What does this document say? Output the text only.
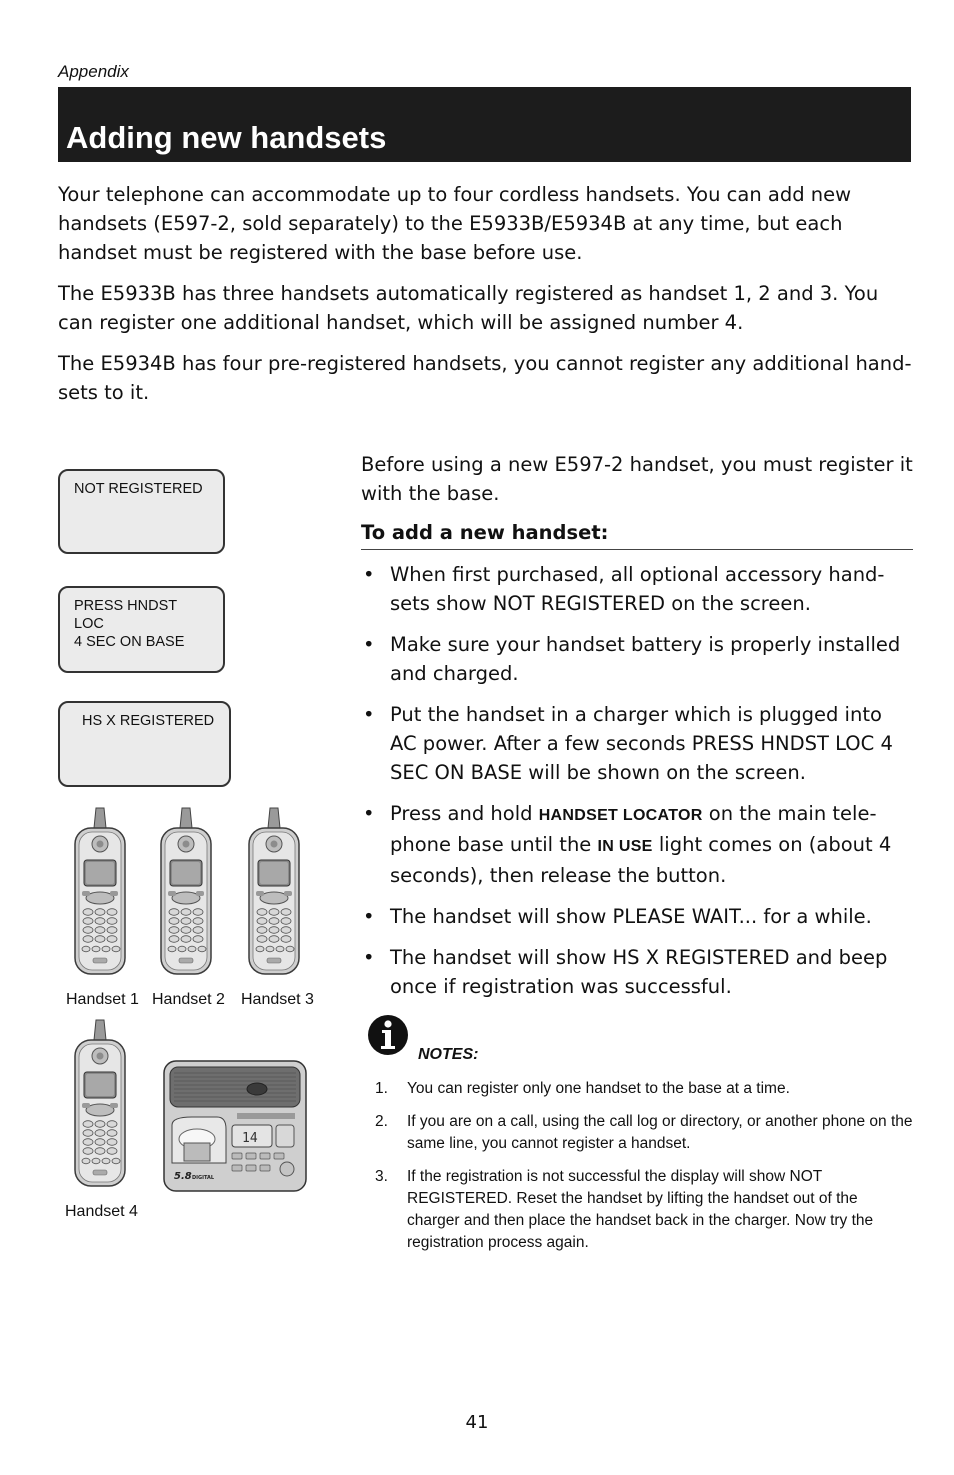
Appendix
Adding new handsets

Your telephone can accommodate up to four cordless handsets. You can add new handsets (E597-2, sold separately) to the E5933B/E5934B at any time, but each handset must be registered with the base before use.

The E5933B has three handsets automatically registered as handset 1, 2 and 3. You can register one additional handset, which will be assigned number 4.

The E5934B has four pre-registered handsets, you cannot register any additional hand-sets to it.

NOT REGISTERED
PRESS HNDST LOC
4 SEC ON BASE
HS X REGISTERED
Handset 1 Handset 2 Handset 3
14
5.8 DIGITAL
Handset 4

Before using a new E597-2 handset, you must register it with the base.

To add a new handset:

• When first purchased, all optional accessory hand-sets show NOT REGISTERED on the screen.
• Make sure your handset battery is properly installed and charged.
• Put the handset in a charger which is plugged into AC power. After a few seconds PRESS HNDST LOC 4 SEC ON BASE will be shown on the screen.
• Press and hold HANDSET LOCATOR on the main tele-phone base until the IN USE light comes on (about 4 seconds), then release the button.
• The handset will show PLEASE WAIT... for a while.
• The handset will show HS X REGISTERED and beep once if registration was successful.
NOTES:
1. You can register only one handset to the base at a time.
2. If you are on a call, using the call log or directory, or another phone on the same line, you cannot register a handset.
3. If the registration is not successful the display will show NOT REGISTERED. Reset the handset by lifting the handset out of the charger and then place the handset back in the charger. Now try the registration process again.
41
